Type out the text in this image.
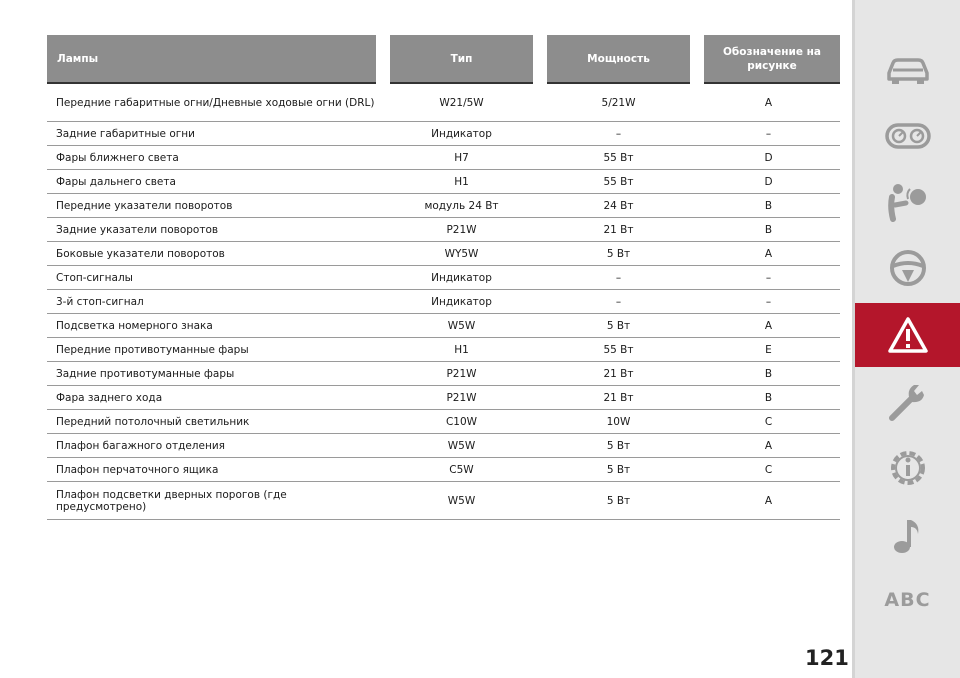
Лампы	Тип	Мощность	Обозначение на рисунке
Передние габаритные огни/Дневные ходовые огни (DRL)	W21/5W	5/21W	A
Задние габаритные огни	Индикатор	–	–
Фары ближнего света	H7	55 Вт	D
Фары дальнего света	H1	55 Вт	D
Передние указатели поворотов	модуль 24 Вт	24 Вт	B
Задние указатели поворотов	P21W	21 Вт	B
Боковые указатели поворотов	WY5W	5 Вт	A
Стоп-сигналы	Индикатор	–	–
3-й стоп-сигнал	Индикатор	–	–
Подсветка номерного знака	W5W	5 Вт	A
Передние противотуманные фары	H1	55 Вт	E
Задние противотуманные фары	P21W	21 Вт	B
Фара заднего хода	P21W	21 Вт	B
Передний потолочный светильник	C10W	10W	C
Плафон багажного отделения	W5W	5 Вт	A
Плафон перчаточного ящика	C5W	5 Вт	C
Плафон подсветки дверных порогов (где предусмотрено)	W5W	5 Вт	A
ABC
121
